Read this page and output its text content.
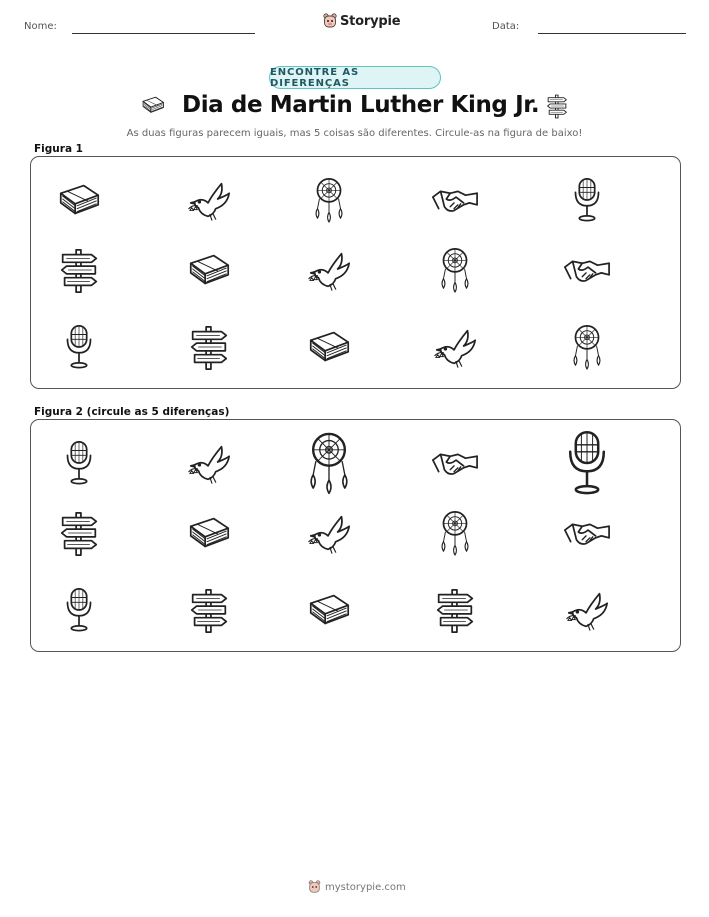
Nome:	Storypie	Data:
ENCONTRE AS DIFERENÇAS
Dia de Martin Luther King Jr.
As duas figuras parecem iguais, mas 5 coisas são diferentes. Circule-as na figura de baixo!
Figura 1
Figura 2 (circule as 5 diferenças)
mystorypie.com
